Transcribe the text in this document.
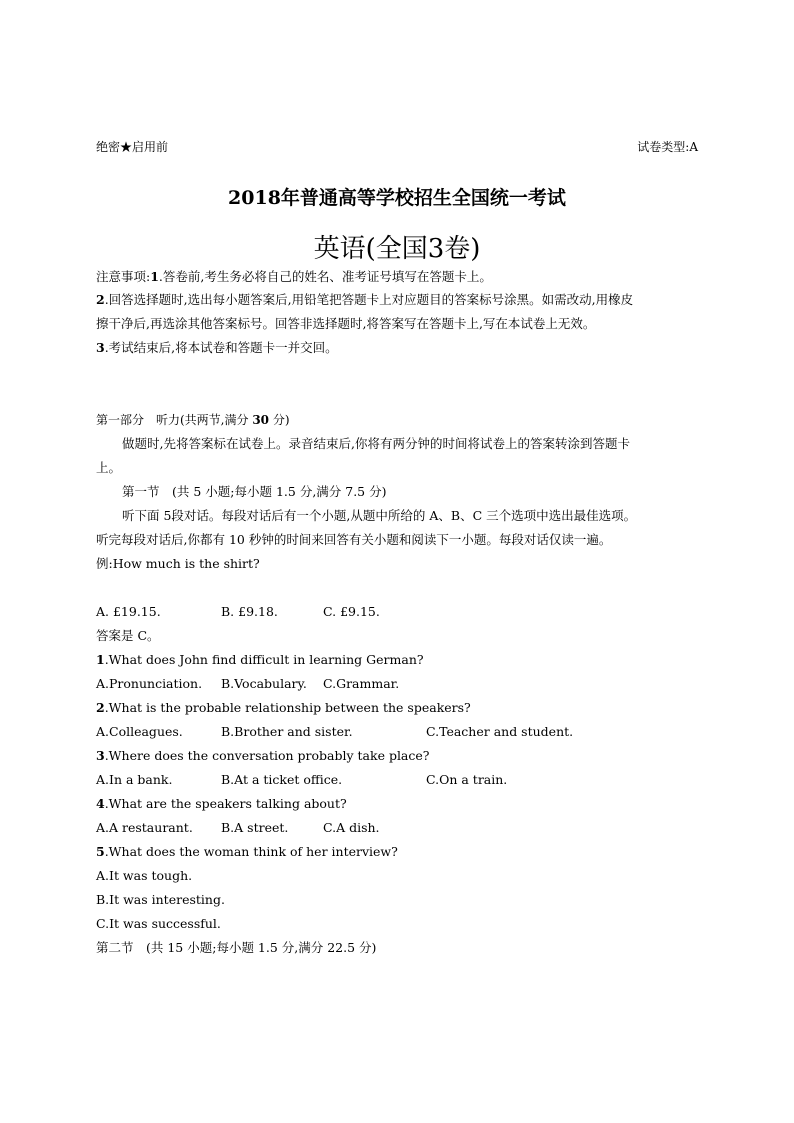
绝密★启用前	试卷类型:A
2018年普通高等学校招生全国统一考试
英语(全国3卷)
注意事项:1.答卷前,考生务必将自己的姓名、准考证号填写在答题卡上。
2.回答选择题时,选出每小题答案后,用铅笔把答题卡上对应题目的答案标号涂黑。如需改动,用橡皮
擦干净后,再选涂其他答案标号。回答非选择题时,将答案写在答题卡上,写在本试卷上无效。
3.考试结束后,将本试卷和答题卡一并交回。
第一部分　听力(共两节,满分 30 分)
做题时,先将答案标在试卷上。录音结束后,你将有两分钟的时间将试卷上的答案转涂到答题卡
上。
第一节　(共 5 小题;每小题 1.5 分,满分 7.5 分)
听下面 5段对话。每段对话后有一个小题,从题中所给的 A、B、C 三个选项中选出最佳选项。
听完每段对话后,你都有 10 秒钟的时间来回答有关小题和阅读下一小题。每段对话仅读一遍。
例:How much is the shirt?
A. £19.15.	B. £9.18.	C. £9.15.
答案是 C。
1.What does John find difficult in learning German?
A.Pronunciation. B.Vocabulary. C.Grammar.
2.What is the probable relationship between the speakers?
A.Colleagues.	B.Brother and sister.	C.Teacher and student.
3.Where does the conversation probably take place?
A.In a bank.	B.At a ticket office.	C.On a train.
4.What are the speakers talking about?
A.A restaurant. B.A street.	C.A dish.
5.What does the woman think of her interview?
A.It was tough.
B.It was interesting.
C.It was successful.
第二节　(共 15 小题;每小题 1.5 分,满分 22.5 分)
